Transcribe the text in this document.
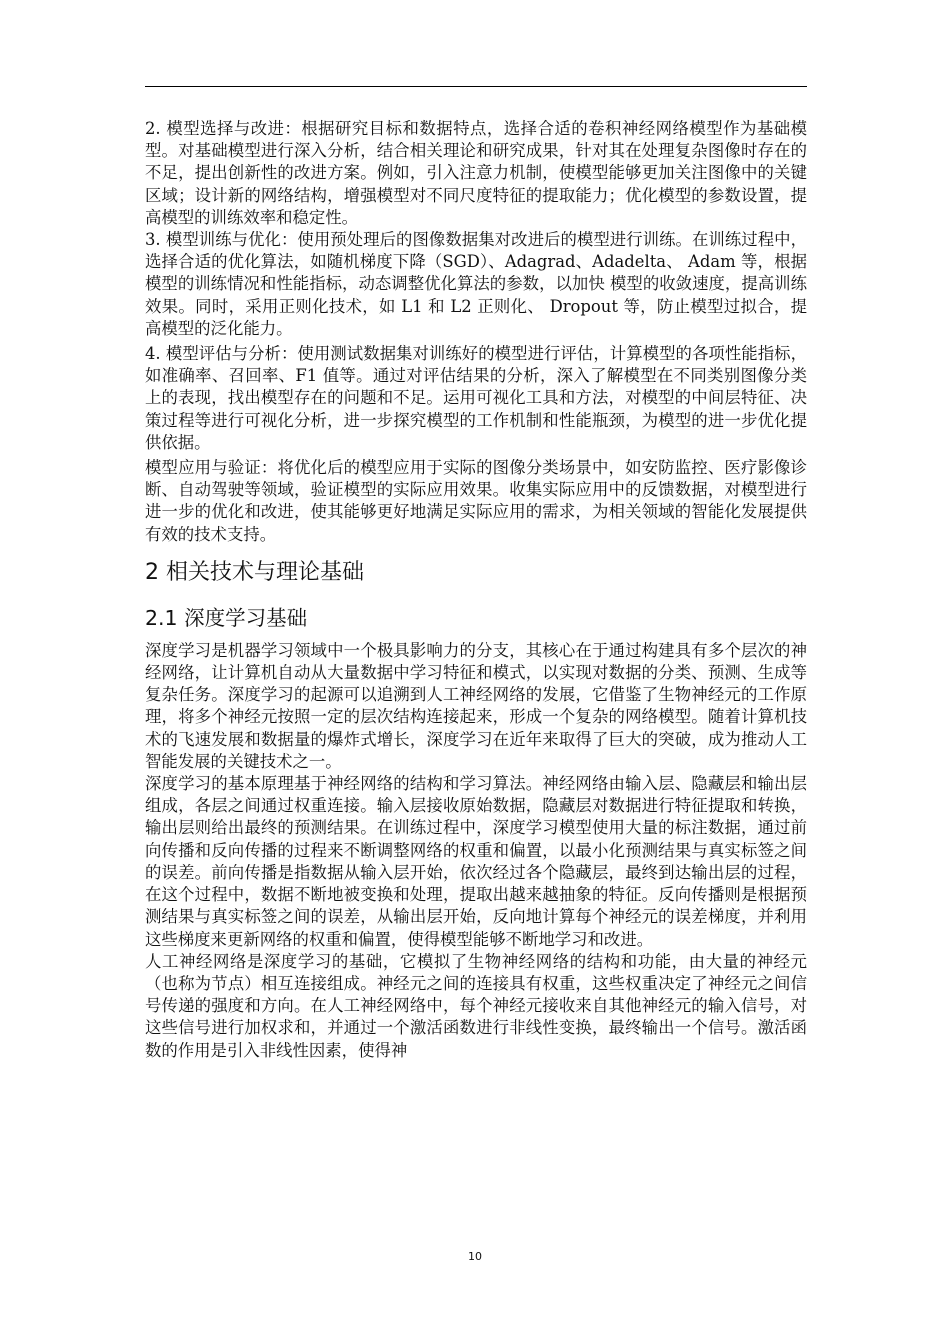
2. 模型选择与改进：根据研究目标和数据特点，选择合适的卷积神经网络模型作为基础模型。对基础模型进行深入分析，结合相关理论和研究成果，针对其在处理复杂图像时存在的不足，提出创新性的改进方案。例如，引入注意力机制，使模型能够更加关注图像中的关键区域；设计新的网络结构，增强模型对不同尺度特征的提取能力；优化模型的参数设置，提高模型的训练效率和稳定性。

3. 模型训练与优化：使用预处理后的图像数据集对改进后的模型进行训练。在训练过程中，选择合适的优化算法，如随机梯度下降（SGD）、Adagrad、Adadelta、 Adam 等，根据模型的训练情况和性能指标，动态调整优化算法的参数，以加快 模型的收敛速度，提高训练效果。同时，采用正则化技术，如 L1 和 L2 正则化、 Dropout 等，防止模型过拟合，提高模型的泛化能力。

4. 模型评估与分析：使用测试数据集对训练好的模型进行评估，计算模型的各项性能指标，如准确率、召回率、F1 值等。通过对评估结果的分析，深入了解模型在不同类别图像分类上的表现，找出模型存在的问题和不足。运用可视化工具和方法，对模型的中间层特征、决策过程等进行可视化分析，进一步探究模型的工作机制和性能瓶颈，为模型的进一步优化提供依据。

模型应用与验证：将优化后的模型应用于实际的图像分类场景中，如安防监控、医疗影像诊断、自动驾驶等领域，验证模型的实际应用效果。收集实际应用中的反馈数据，对模型进行进一步的优化和改进，使其能够更好地满足实际应用的需求，为相关领域的智能化发展提供有效的技术支持。

2 相关技术与理论基础
2.1 深度学习基础

深度学习是机器学习领域中一个极具影响力的分支，其核心在于通过构建具有多个层次的神经网络，让计算机自动从大量数据中学习特征和模式，以实现对数据的分类、预测、生成等复杂任务。深度学习的起源可以追溯到人工神经网络的发展，它借鉴了生物神经元的工作原理，将多个神经元按照一定的层次结构连接起来，形成一个复杂的网络模型。随着计算机技术的飞速发展和数据量的爆炸式增长，深度学习在近年来取得了巨大的突破，成为推动人工智能发展的关键技术之一。

深度学习的基本原理基于神经网络的结构和学习算法。神经网络由输入层、隐藏层和输出层组成，各层之间通过权重连接。输入层接收原始数据，隐藏层对数据进行特征提取和转换，输出层则给出最终的预测结果。在训练过程中，深度学习模型使用大量的标注数据，通过前向传播和反向传播的过程来不断调整网络的权重和偏置，以最小化预测结果与真实标签之间的误差。前向传播是指数据从输入层开始，依次经过各个隐藏层，最终到达输出层的过程，在这个过程中，数据不断地被变换和处理，提取出越来越抽象的特征。反向传播则是根据预测结果与真实标签之间的误差，从输出层开始，反向地计算每个神经元的误差梯度，并利用这些梯度来更新网络的权重和偏置，使得模型能够不断地学习和改进。

人工神经网络是深度学习的基础，它模拟了生物神经网络的结构和功能，由大量的神经元（也称为节点）相互连接组成。神经元之间的连接具有权重，这些权重决定了神经元之间信号传递的强度和方向。在人工神经网络中，每个神经元接收来自其他神经元的输入信号，对这些信号进行加权求和，并通过一个激活函数进行非线性变换，最终输出一个信号。激活函数的作用是引入非线性因素，使得神

10
